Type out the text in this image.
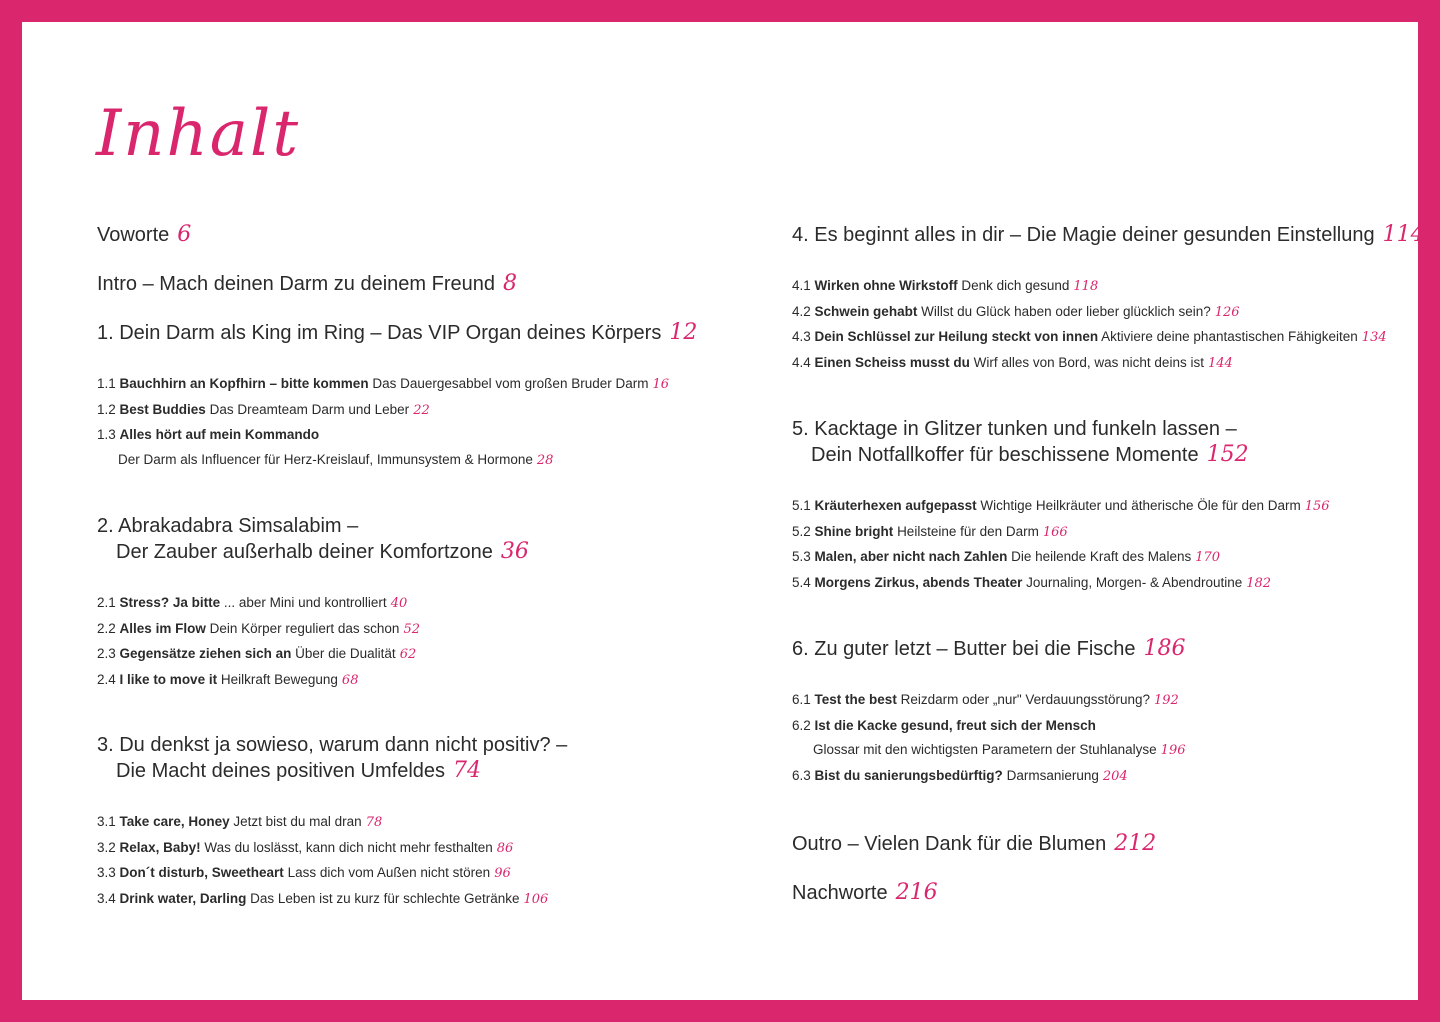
Inhalt
Voworte 6
Intro – Mach deinen Darm zu deinem Freund 8
1. Dein Darm als King im Ring – Das VIP Organ deines Körpers 12
1.1 Bauchhirn an Kopfhirn – bitte kommen Das Dauergesabbel vom großen Bruder Darm 16
1.2 Best Buddies Das Dreamteam Darm und Leber 22
1.3 Alles hört auf mein Kommando
Der Darm als Influencer für Herz-Kreislauf, Immunsystem & Hormone 28
2. Abrakadabra Simsalabim –
Der Zauber außerhalb deiner Komfortzone 36
2.1 Stress? Ja bitte ... aber Mini und kontrolliert 40
2.2 Alles im Flow Dein Körper reguliert das schon 52
2.3 Gegensätze ziehen sich an Über die Dualität 62
2.4 I like to move it Heilkraft Bewegung 68
3. Du denkst ja sowieso, warum dann nicht positiv? –
Die Macht deines positiven Umfeldes 74
3.1 Take care, Honey Jetzt bist du mal dran 78
3.2 Relax, Baby! Was du loslässt, kann dich nicht mehr festhalten 86
3.3 Don´t disturb, Sweetheart Lass dich vom Außen nicht stören 96
3.4 Drink water, Darling Das Leben ist zu kurz für schlechte Getränke 106
4. Es beginnt alles in dir – Die Magie deiner gesunden Einstellung 114
4.1 Wirken ohne Wirkstoff Denk dich gesund 118
4.2 Schwein gehabt Willst du Glück haben oder lieber glücklich sein? 126
4.3 Dein Schlüssel zur Heilung steckt von innen Aktiviere deine phantastischen Fähigkeiten 134
4.4 Einen Scheiss musst du Wirf alles von Bord, was nicht deins ist 144
5. Kacktage in Glitzer tunken und funkeln lassen –
Dein Notfallkoffer für beschissene Momente 152
5.1 Kräuterhexen aufgepasst Wichtige Heilkräuter und ätherische Öle für den Darm 156
5.2 Shine bright Heilsteine für den Darm 166
5.3 Malen, aber nicht nach Zahlen Die heilende Kraft des Malens 170
5.4 Morgens Zirkus, abends Theater Journaling, Morgen- & Abendroutine 182
6. Zu guter letzt – Butter bei die Fische 186
6.1 Test the best Reizdarm oder „nur" Verdauungsstörung? 192
6.2 Ist die Kacke gesund, freut sich der Mensch
Glossar mit den wichtigsten Parametern der Stuhlanalyse 196
6.3 Bist du sanierungsbedürftig? Darmsanierung 204
Outro – Vielen Dank für die Blumen 212
Nachworte 216
